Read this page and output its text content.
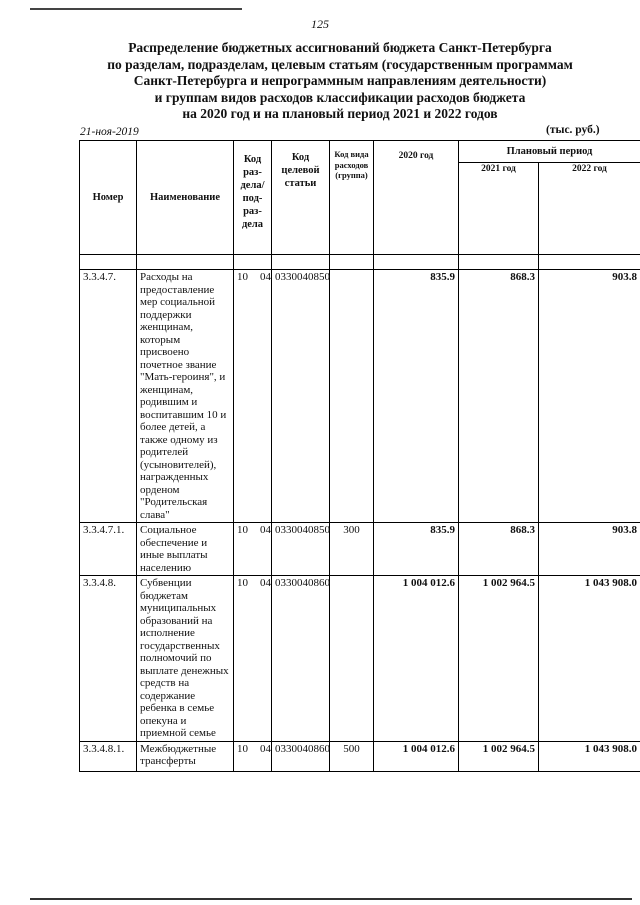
125
Распределение бюджетных ассигнований бюджета Санкт-Петербурга
по разделам, подразделам, целевым статьям (государственным программам
Санкт-Петербурга и непрограммным направлениям деятельности)
и группам видов расходов классификации расходов бюджета
на 2020 год и на плановый период 2021 и 2022 годов
21-ноя-2019	(тыс. руб.)
Номер	Наименование	Код раз-дела/ под-раз-дела	Код целевой статьи	Код вида расходов (группа)	2020 год	Плановый период	
						2021 год	2022 год

3.3.4.7.	Расходы на предоставление мер социальной поддержки женщинам, которым присвоено почетное звание "Мать-героиня", и женщинам, родившим и воспитавшим 10 и более детей, а также одному из родителей (усыновителей), награжденных орденом "Родительская слава"	10 04	0330040850		835.9	868.3	903.8
3.3.4.7.1.	Социальное обеспечение и иные выплаты населению	10 04	0330040850	300	835.9	868.3	903.8
3.3.4.8.	Субвенции бюджетам муниципальных образований на исполнение государственных полномочий по выплате денежных средств на содержание ребенка в семье опекуна и приемной семье	10 04	0330040860		1 004 012.6	1 002 964.5	1 043 908.0
3.3.4.8.1.	Межбюджетные трансферты	10 04	0330040860	500	1 004 012.6	1 002 964.5	1 043 908.0
